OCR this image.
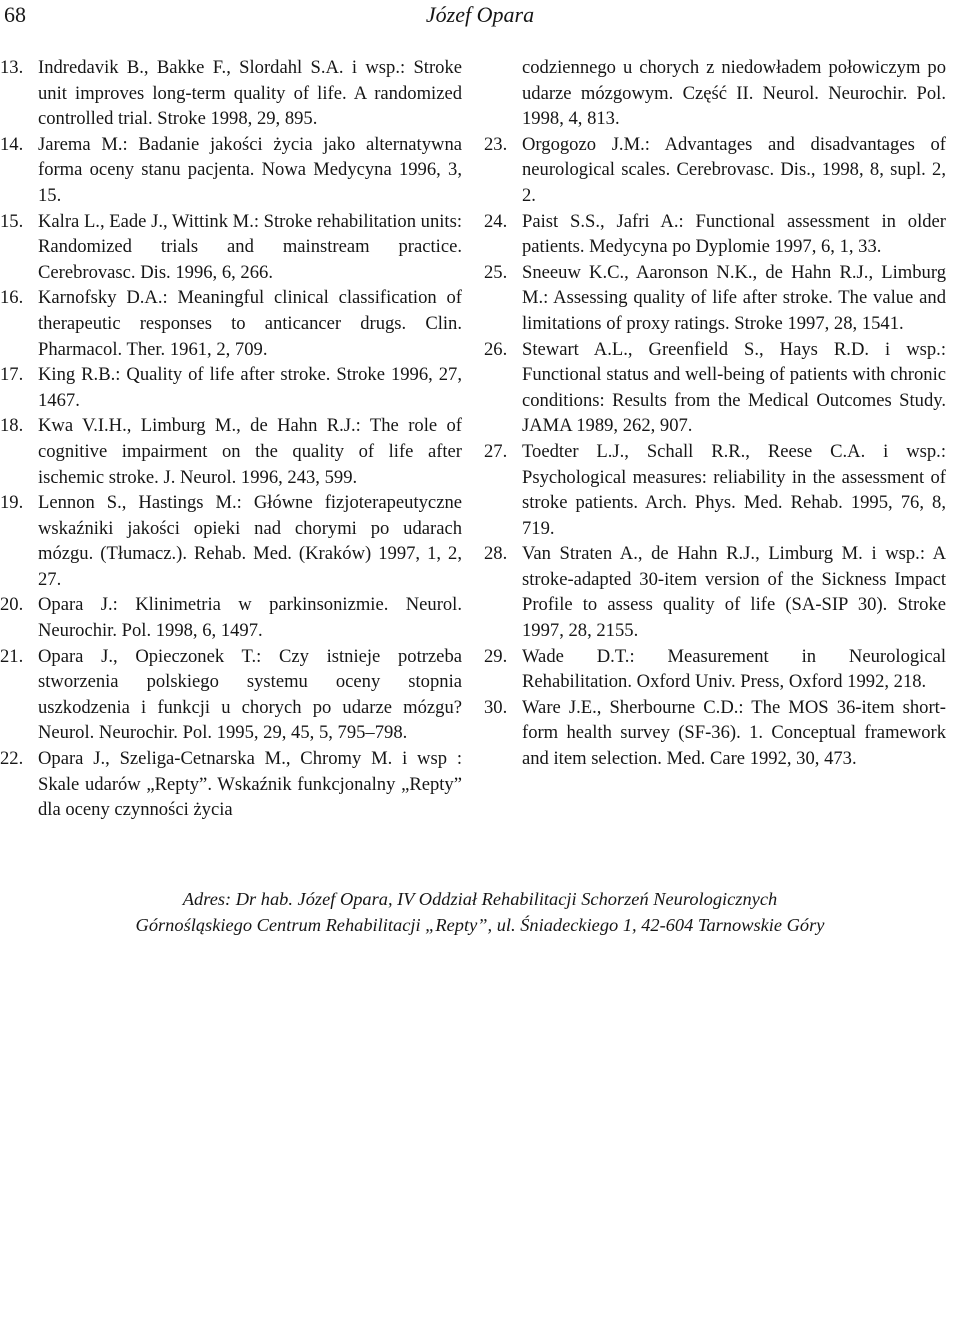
68	Józef Opara
13. Indredavik B., Bakke F., Slordahl S.A. i wsp.: Stroke unit improves long-term quality of life. A randomized controlled trial. Stroke 1998, 29, 895.
14. Jarema M.: Badanie jakości życia jako alternatywna forma oceny stanu pacjenta. Nowa Medycyna 1996, 3, 15.
15. Kalra L., Eade J., Wittink M.: Stroke rehabilitation units: Randomized trials and mainstream practice. Cerebrovasc. Dis. 1996, 6, 266.
16. Karnofsky D.A.: Meaningful clinical classification of therapeutic responses to anticancer drugs. Clin. Pharmacol. Ther. 1961, 2, 709.
17. King R.B.: Quality of life after stroke. Stroke 1996, 27, 1467.
18. Kwa V.I.H., Limburg M., de Hahn R.J.: The role of cognitive impairment on the quality of life after ischemic stroke. J. Neurol. 1996, 243, 599.
19. Lennon S., Hastings M.: Główne fizjoterapeutyczne wskaźniki jakości opieki nad chorymi po udarach mózgu. (Tłumacz.). Rehab. Med. (Kraków) 1997, 1, 2, 27.
20. Opara J.: Klinimetria w parkinsonizmie. Neurol. Neurochir. Pol. 1998, 6, 1497.
21. Opara J., Opieczonek T.: Czy istnieje potrzeba stworzenia polskiego systemu oceny stopnia uszkodzenia i funkcji u chorych po udarze mózgu? Neurol. Neurochir. Pol. 1995, 29, 45, 5, 795–798.
22. Opara J., Szeliga-Cetnarska M., Chromy M. i wsp : Skale udarów „Repty”. Wskaźnik funkcjonalny „Repty” dla oceny czynności życia
codziennego u chorych z niedowładem połowiczym po udarze mózgowym. Część II. Neurol. Neurochir. Pol. 1998, 4, 813.
23. Orgogozo J.M.: Advantages and disadvantages of neurological scales. Cerebrovasc. Dis., 1998, 8, supl. 2, 2.
24. Paist S.S., Jafri A.: Functional assessment in older patients. Medycyna po Dyplomie 1997, 6, 1, 33.
25. Sneeuw K.C., Aaronson N.K., de Hahn R.J., Limburg M.: Assessing quality of life after stroke. The value and limitations of proxy ratings. Stroke 1997, 28, 1541.
26. Stewart A.L., Greenfield S., Hays R.D. i wsp.: Functional status and well-being of patients with chronic conditions: Results from the Medical Outcomes Study. JAMA 1989, 262, 907.
27. Toedter L.J., Schall R.R., Reese C.A. i wsp.: Psychological measures: reliability in the assessment of stroke patients. Arch. Phys. Med. Rehab. 1995, 76, 8, 719.
28. Van Straten A., de Hahn R.J., Limburg M. i wsp.: A stroke-adapted 30-item version of the Sickness Impact Profile to assess quality of life (SA-SIP 30). Stroke 1997, 28, 2155.
29. Wade D.T.: Measurement in Neurological Rehabilitation. Oxford Univ. Press, Oxford 1992, 218.
30. Ware J.E., Sherbourne C.D.: The MOS 36-item short-form health survey (SF-36). 1. Conceptual framework and item selection. Med. Care 1992, 30, 473.
Adres: Dr hab. Józef Opara, IV Oddział Rehabilitacji Schorzeń Neurologicznych
Górnośląskiego Centrum Rehabilitacji „Repty”, ul. Śniadeckiego 1, 42-604 Tarnowskie Góry
